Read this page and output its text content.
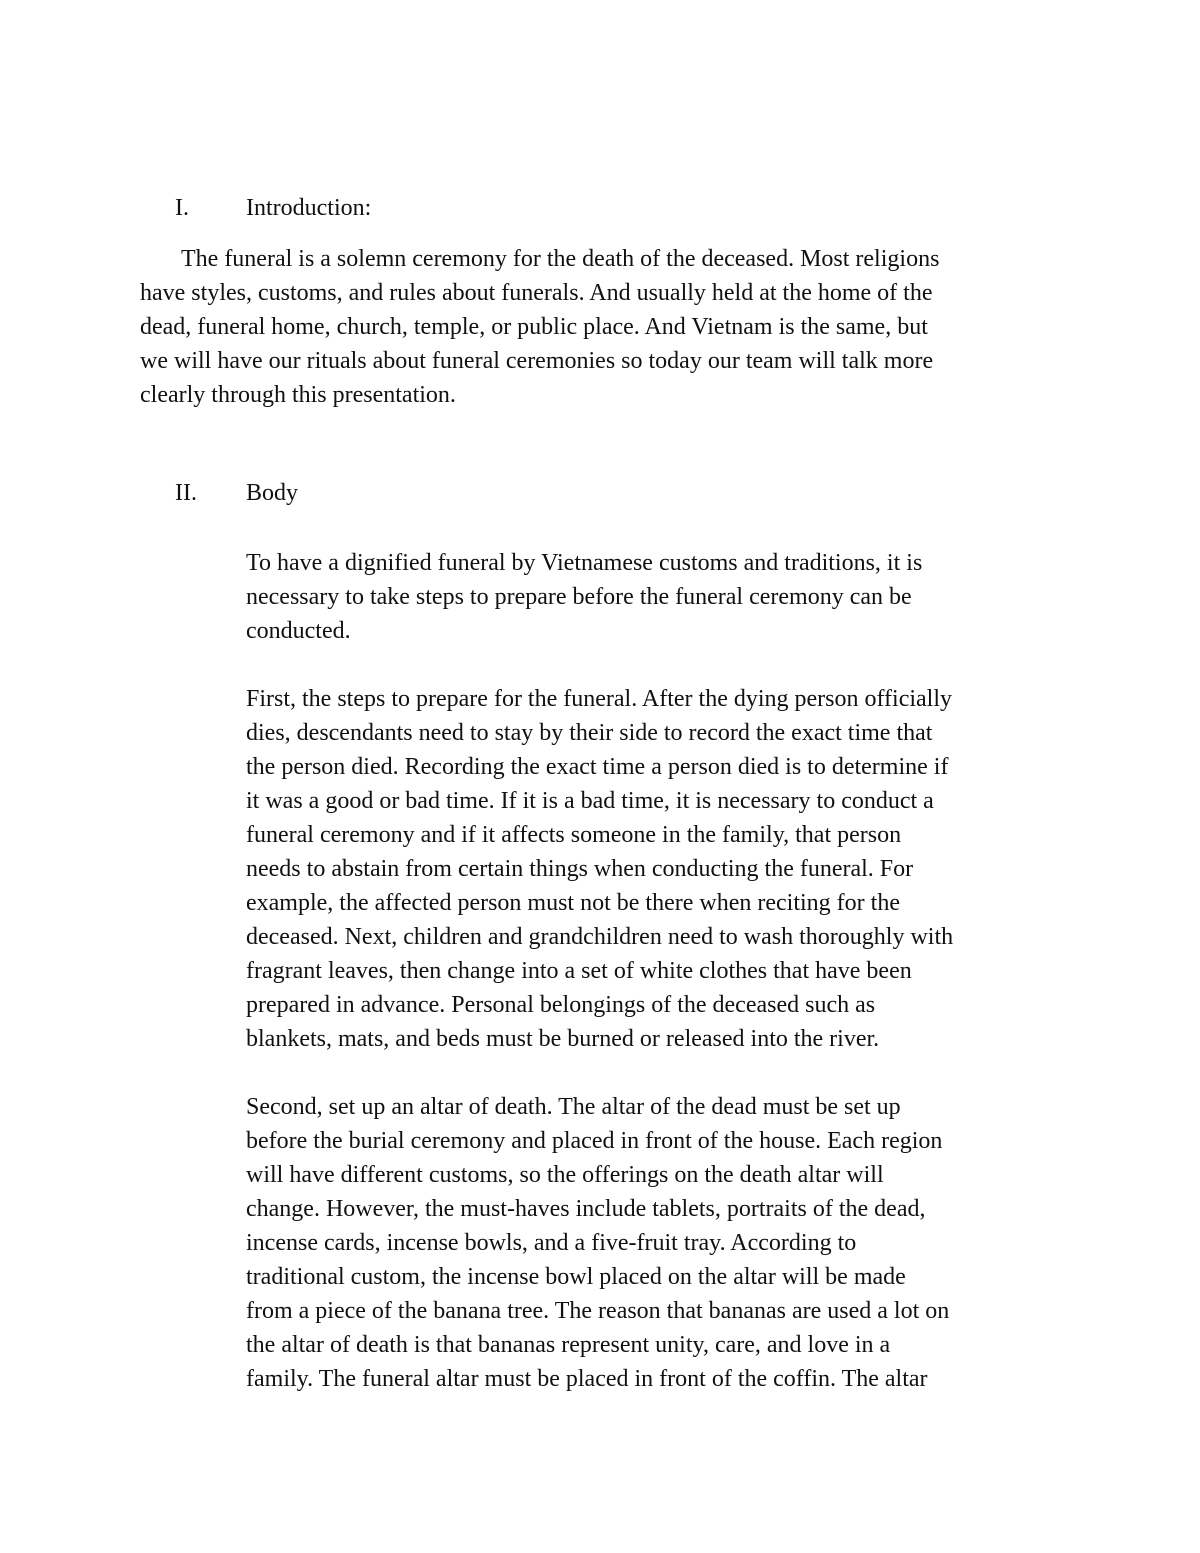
I. Introduction:
The funeral is a solemn ceremony for the death of the deceased. Most religions
have styles, customs, and rules about funerals. And usually held at the home of the
dead, funeral home, church, temple, or public place. And Vietnam is the same, but
we will have our rituals about funeral ceremonies so today our team will talk more
clearly through this presentation.
II. Body
To have a dignified funeral by Vietnamese customs and traditions, it is
necessary to take steps to prepare before the funeral ceremony can be
conducted.
First, the steps to prepare for the funeral. After the dying person officially
dies, descendants need to stay by their side to record the exact time that
the person died. Recording the exact time a person died is to determine if
it was a good or bad time. If it is a bad time, it is necessary to conduct a
funeral ceremony and if it affects someone in the family, that person
needs to abstain from certain things when conducting the funeral. For
example, the affected person must not be there when reciting for the
deceased. Next, children and grandchildren need to wash thoroughly with
fragrant leaves, then change into a set of white clothes that have been
prepared in advance. Personal belongings of the deceased such as
blankets, mats, and beds must be burned or released into the river.
Second, set up an altar of death. The altar of the dead must be set up
before the burial ceremony and placed in front of the house. Each region
will have different customs, so the offerings on the death altar will
change. However, the must-haves include tablets, portraits of the dead,
incense cards, incense bowls, and a five-fruit tray. According to
traditional custom, the incense bowl placed on the altar will be made
from a piece of the banana tree. The reason that bananas are used a lot on
the altar of death is that bananas represent unity, care, and love in a
family. The funeral altar must be placed in front of the coffin. The altar
